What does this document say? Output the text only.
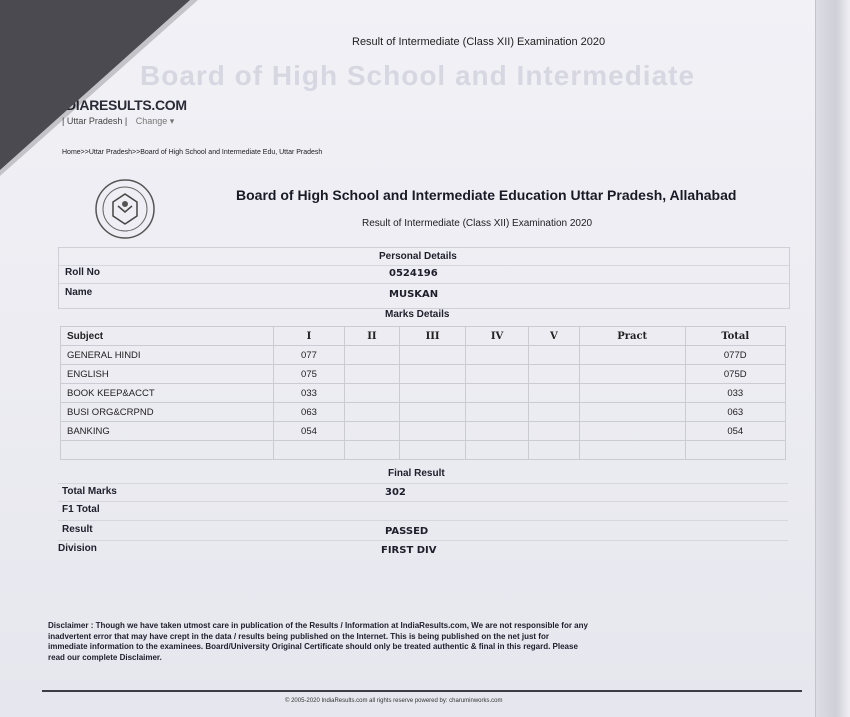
Board of High School and Intermediate
Result of Intermediate (Class XII) Examination 2020
DIARESULTS.COM
| Uttar Pradesh | Change ▾
Home>>Uttar Pradesh>>Board of High School and Intermediate Edu, Uttar Pradesh
Board of High School and Intermediate Education Uttar Pradesh, Allahabad
Result of Intermediate (Class XII) Examination 2020
Personal Details
Roll No	0524196
Name	MUSKAN
Marks Details
Subject	I	II	III	IV	V	Pract	Total
GENERAL HINDI	077						077D
ENGLISH	075						075D
BOOK KEEP&ACCT	033						033
BUSI ORG&CRPND	063						063
BANKING	054						054

Final Result
Total Marks	302
F1 Total
Result	PASSED
Division	FIRST DIV
Disclaimer : Though we have taken utmost care in publication of the Results / Information at IndiaResults.com, We are not responsible for any inadvertent error that may have crept in the data / results being published on the Internet. This is being published on the net just for immediate information to the examinees. Board/University Original Certificate should only be treated authentic & final in this regard. Please read our complete Disclaimer.
© 2005-2020 IndiaResults.com all rights reserve powered by: charuminworks.com
